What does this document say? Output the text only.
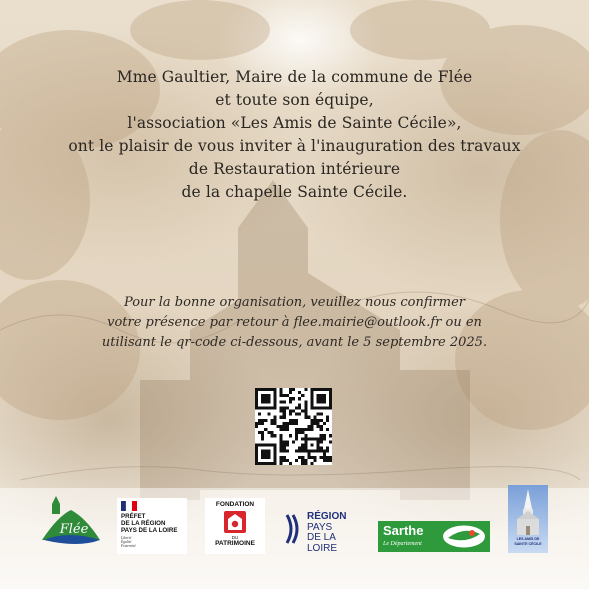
Mme Gaultier, Maire de la commune de Flée
et toute son équipe,
l'association «Les Amis de Sainte Cécile»,
ont le plaisir de vous inviter à l'inauguration des travaux
de Restauration intérieure
de la chapelle Sainte Cécile.
Pour la bonne organisation, veuillez nous confirmer
votre présence par retour à flee.mairie@outlook.fr ou en
utilisant le qr-code ci-dessous, avant le 5 septembre 2025.
Flée
PRÉFET
DE LA RÉGION
PAYS DE LA LOIRE
Liberté
Égalité
Fraternité
FONDATION
DU
PATRIMOINE
RÉGION
PAYS
DE LA LOIRE
Sarthe
Le Département
LES AMIS DE
SAINTE CÉCILE
